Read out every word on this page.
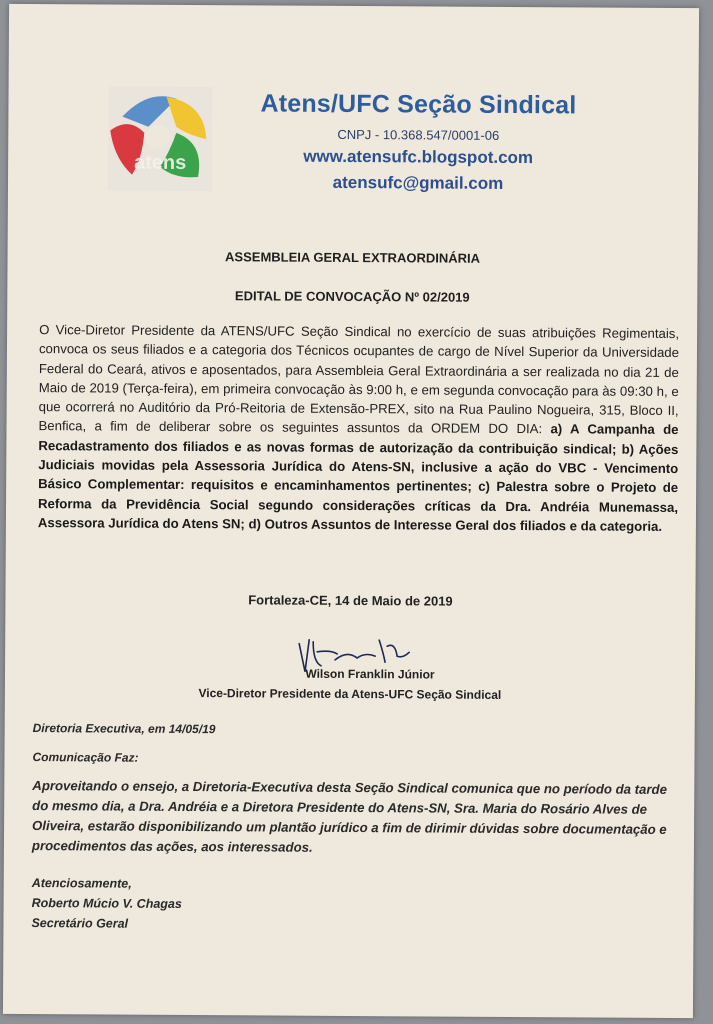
atens
Atens/UFC Seção Sindical
CNPJ - 10.368.547/0001-06
www.atensufc.blogspot.com
atensufc@gmail.com
ASSEMBLEIA GERAL EXTRAORDINÁRIA
EDITAL DE CONVOCAÇÃO Nº 02/2019
O Vice-Diretor Presidente da ATENS/UFC Seção Sindical no exercício de suas atribuições Regimentais, convoca os seus filiados e a categoria dos Técnicos ocupantes de cargo de Nível Superior da Universidade Federal do Ceará, ativos e aposentados, para Assembleia Geral Extraordinária a ser realizada no dia 21 de Maio de 2019 (Terça-feira), em primeira convocação às 9:00 h, e em segunda convocação para às 09:30 h, e que ocorrerá no Auditório da Pró-Reitoria de Extensão-PREX, sito na Rua Paulino Nogueira, 315, Bloco II, Benfica, a fim de deliberar sobre os seguintes assuntos da ORDEM DO DIA: a) A Campanha de Recadastramento dos filiados e as novas formas de autorização da contribuição sindical; b) Ações Judiciais movidas pela Assessoria Jurídica do Atens-SN, inclusive a ação do VBC - Vencimento Básico Complementar: requisitos e encaminhamentos pertinentes; c) Palestra sobre o Projeto de Reforma da Previdência Social segundo considerações críticas da Dra. Andréia Munemassa, Assessora Jurídica do Atens SN; d) Outros Assuntos de Interesse Geral dos filiados e da categoria.
Fortaleza-CE, 14 de Maio de 2019
Wilson Franklin Júnior
Vice-Diretor Presidente da Atens-UFC Seção Sindical
Diretoria Executiva, em 14/05/19
Comunicação Faz:
Aproveitando o ensejo, a Diretoria-Executiva desta Seção Sindical comunica que no período da tarde do mesmo dia, a Dra. Andréia e a Diretora Presidente do Atens-SN, Sra. Maria do Rosário Alves de Oliveira, estarão disponibilizando um plantão jurídico a fim de dirimir dúvidas sobre documentação e procedimentos das ações, aos interessados.
Atenciosamente,
Roberto Múcio V. Chagas
Secretário Geral
